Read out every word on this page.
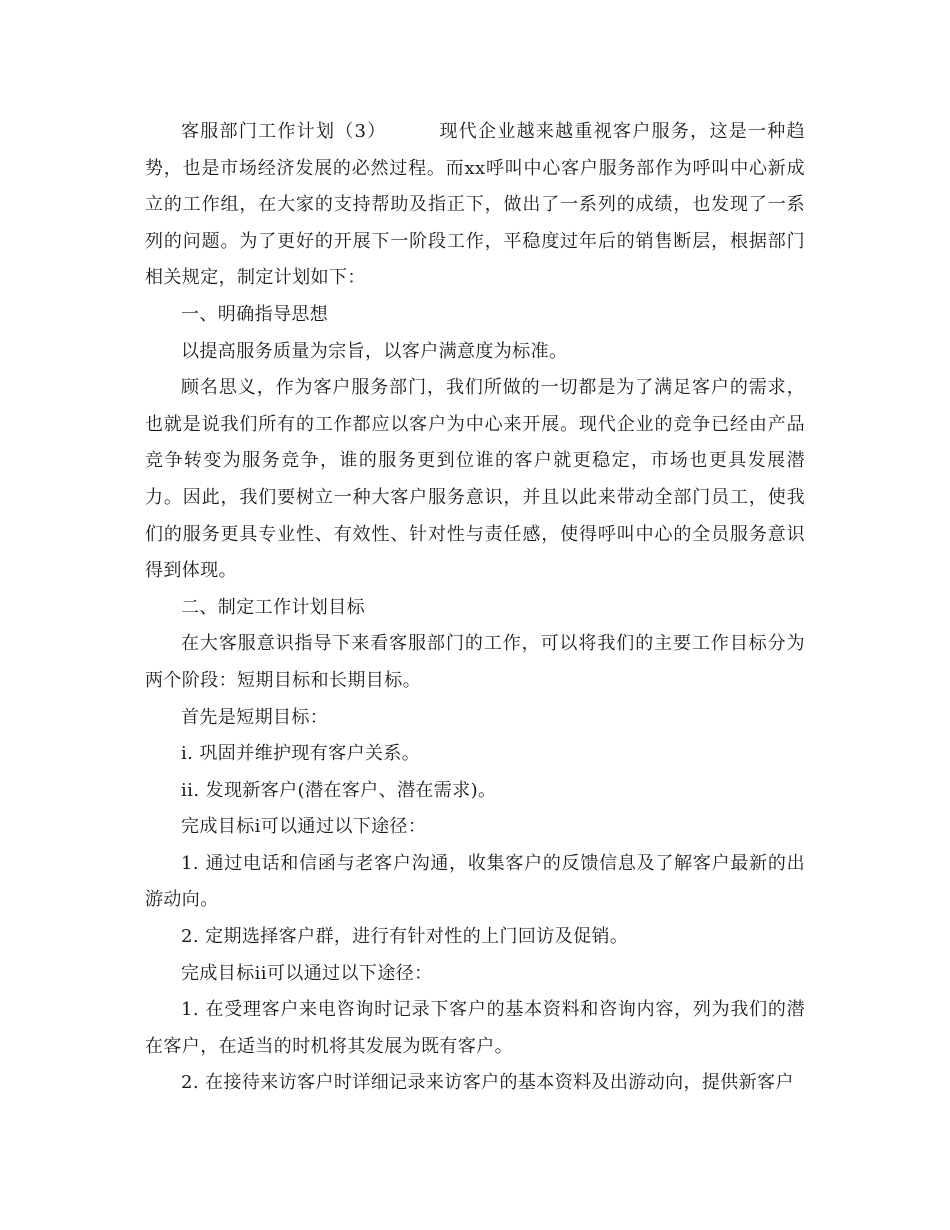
客服部门工作计划（3）	现代企业越来越重视客户服务，这是一种趋势，也是市场经济发展的必然过程。而xx呼叫中心客户服务部作为呼叫中心新成立的工作组，在大家的支持帮助及指正下，做出了一系列的成绩，也发现了一系列的问题。为了更好的开展下一阶段工作，平稳度过年后的销售断层，根据部门相关规定，制定计划如下：

一、明确指导思想

以提高服务质量为宗旨，以客户满意度为标准。

顾名思义，作为客户服务部门，我们所做的一切都是为了满足客户的需求，也就是说我们所有的工作都应以客户为中心来开展。现代企业的竞争已经由产品竞争转变为服务竞争，谁的服务更到位谁的客户就更稳定，市场也更具发展潜力。因此，我们要树立一种大客户服务意识，并且以此来带动全部门员工，使我们的服务更具专业性、有效性、针对性与责任感，使得呼叫中心的全员服务意识得到体现。

二、制定工作计划目标

在大客服意识指导下来看客服部门的工作，可以将我们的主要工作目标分为两个阶段：短期目标和长期目标。

首先是短期目标：

i. 巩固并维护现有客户关系。

ii. 发现新客户(潜在客户、潜在需求)。

完成目标i可以通过以下途径：

1. 通过电话和信函与老客户沟通，收集客户的反馈信息及了解客户最新的出游动向。

2. 定期选择客户群，进行有针对性的上门回访及促销。

完成目标ii可以通过以下途径：

1. 在受理客户来电咨询时记录下客户的基本资料和咨询内容，列为我们的潜在客户，在适当的时机将其发展为既有客户。

2. 在接待来访客户时详细记录来访客户的基本资料及出游动向，提供新客户
